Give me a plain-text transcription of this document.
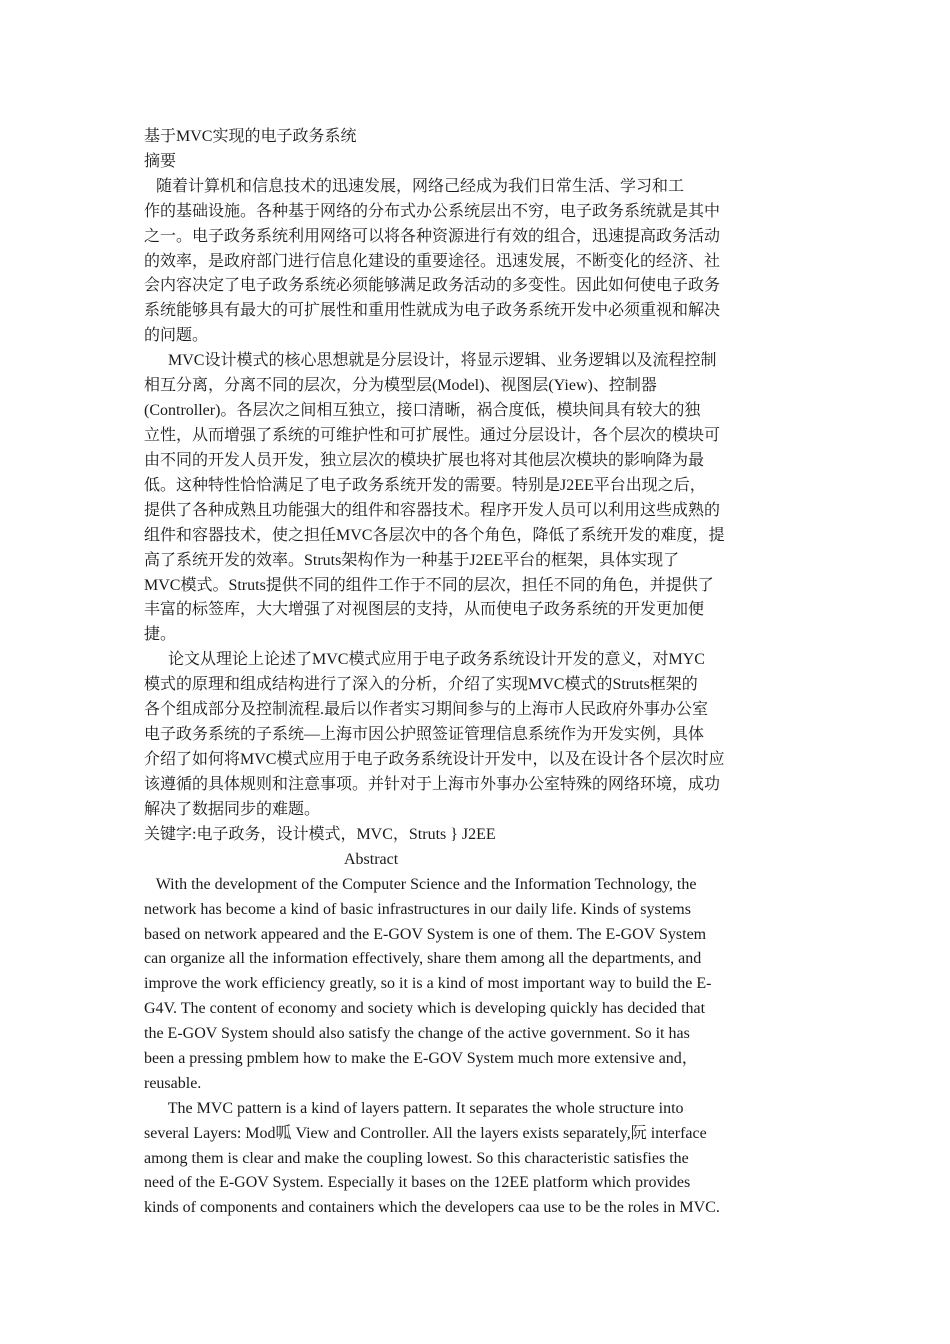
基于MVC实现的电子政务系统
摘要
随着计算机和信息技术的迅速发展，网络己经成为我们日常生活、学习和工
作的基础设施。各种基于网络的分布式办公系统层出不穷，电子政务系统就是其中
之一。电子政务系统利用网络可以将各种资源进行有效的组合，迅速提高政务活动
的效率，是政府部门进行信息化建设的重要途径。迅速发展，不断变化的经济、社
会内容决定了电子政务系统必须能够满足政务活动的多变性。因此如何使电子政务
系统能够具有最大的可扩展性和重用性就成为电子政务系统开发中必须重视和解决
的问题。
MVC设计模式的核心思想就是分层设计，将显示逻辑、业务逻辑以及流程控制
相互分离，分离不同的层次，分为模型层(Model)、视图层(Yiew)、控制器
(Controller)。各层次之间相互独立，接口清晰，祸合度低，模块间具有较大的独
立性，从而增强了系统的可维护性和可扩展性。通过分层设计，各个层次的模块可
由不同的开发人员开发，独立层次的模块扩展也将对其他层次模块的影响降为最
低。这种特性恰恰满足了电子政务系统开发的需要。特别是J2EE平台出现之后，
提供了各种成熟且功能强大的组件和容器技术。程序开发人员可以利用这些成熟的
组件和容器技术，使之担任MVC各层次中的各个角色，降低了系统开发的难度，提
高了系统开发的效率。Struts架构作为一种基于J2EE平台的框架，具体实现了
MVC模式。Struts提供不同的组件工作于不同的层次，担任不同的角色，并提供了
丰富的标签库，大大增强了对视图层的支持，从而使电子政务系统的开发更加便
捷。
论文从理论上论述了MVC模式应用于电子政务系统设计开发的意义，对MYC
模式的原理和组成结构进行了深入的分析，介绍了实现MVC模式的Struts框架的
各个组成部分及控制流程.最后以作者实习期间参与的上海市人民政府外事办公室
电子政务系统的子系统—上海市因公护照签证管理信息系统作为开发实例，具体
介绍了如何将MVC模式应用于电子政务系统设计开发中，以及在设计各个层次时应
该遵循的具体规则和注意事项。并针对于上海市外事办公室特殊的网络环境，成功
解决了数据同步的难题。
关键字:电子政务，设计模式，MVC，Struts } J2EE
Abstract
With the development of the Computer Science and the Information Technology, the
network has become a kind of basic infrastructures in our daily life. Kinds of systems
based on network appeared and the E-GOV System is one of them. The E-GOV System
can organize all the information effectively, share them among all the departments, and
improve the work efficiency greatly, so it is a kind of most important way to build the E-
G4V. The content of economy and society which is developing quickly has decided that
the E-GOV System should also satisfy the change of the active government. So it has
been a pressing pmblem how to make the E-GOV System much more extensive and，
reusable.
The MVC pattern is a kind of layers pattern. It separates the whole structure into
several Layers: Mod呱 View and Controller. All the layers exists separately,阮 interface
among them is clear and make the coupling lowest. So this characteristic satisfies the
need of the E-GOV System. Especially it bases on the 12EE platform which provides
kinds of components and containers which the developers caa use to be the roles in MVC.
